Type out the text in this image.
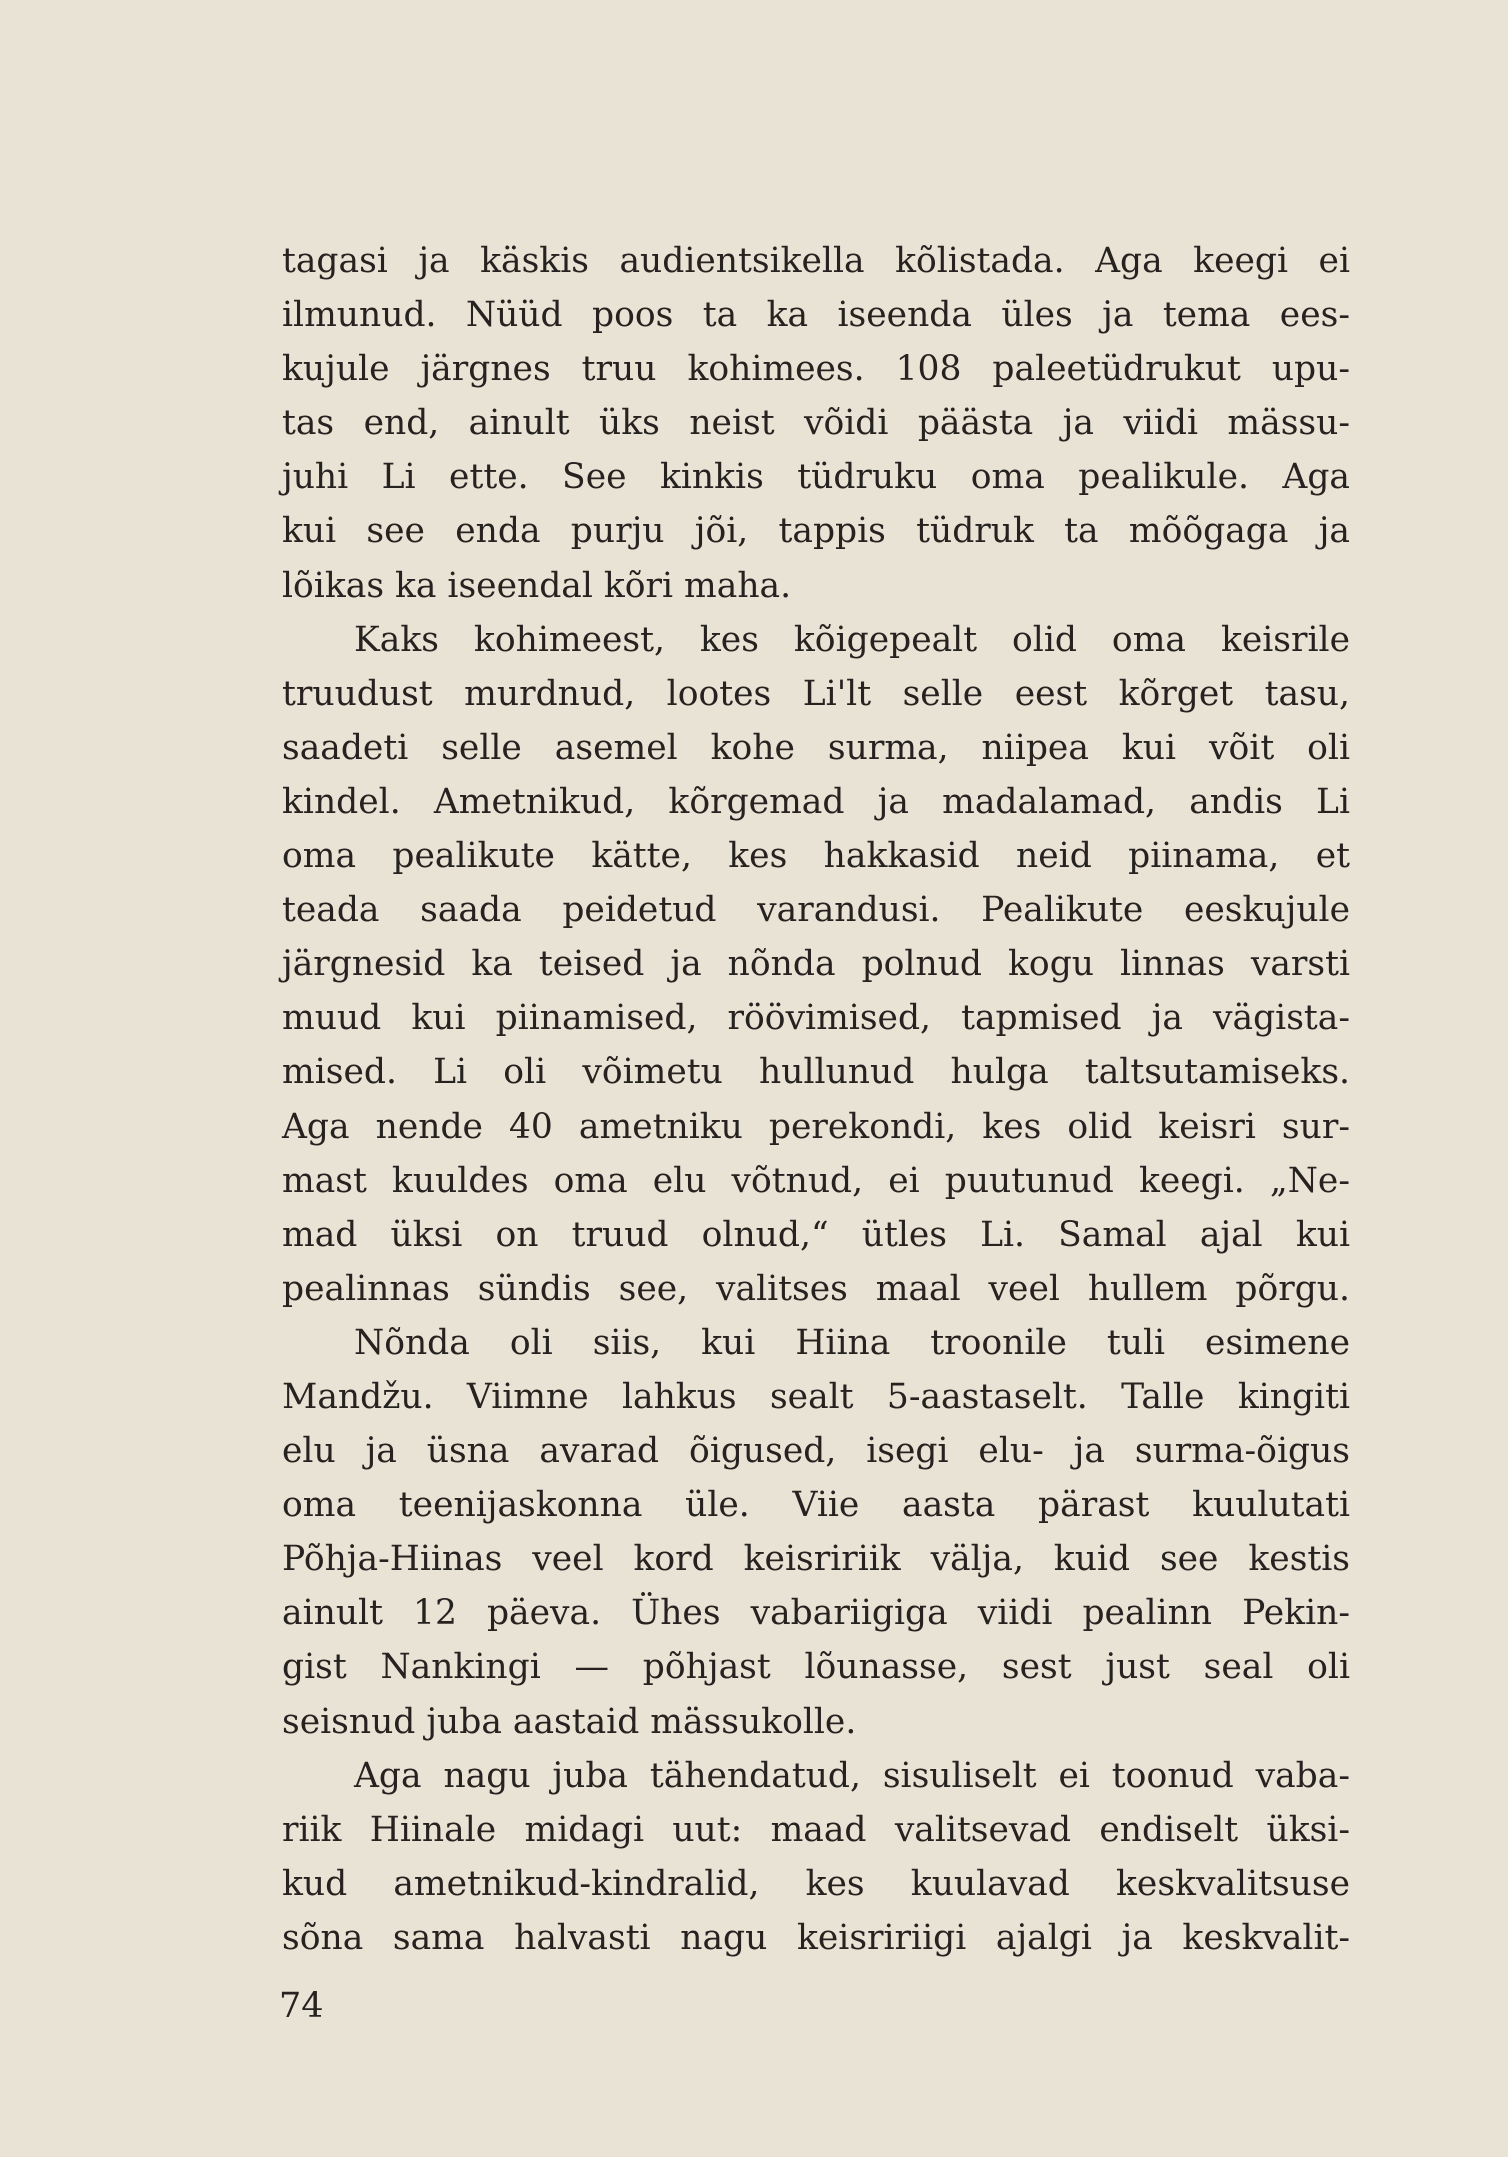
tagasi ja käskis audientsikella kõlistada. Aga keegi ei
ilmunud. Nüüd poos ta ka iseenda üles ja tema ees-
kujule järgnes truu kohimees. 108 paleetüdrukut upu-
tas end, ainult üks neist võidi päästa ja viidi mässu-
juhi Li ette. See kinkis tüdruku oma pealikule. Aga
kui see enda purju jõi, tappis tüdruk ta mõõgaga ja
lõikas ka iseendal kõri maha.
Kaks kohimeest, kes kõigepealt olid oma keisrile
truudust murdnud, lootes Li'lt selle eest kõrget tasu,
saadeti selle asemel kohe surma, niipea kui võit oli
kindel. Ametnikud, kõrgemad ja madalamad, andis Li
oma pealikute kätte, kes hakkasid neid piinama, et
teada saada peidetud varandusi. Pealikute eeskujule
järgnesid ka teised ja nõnda polnud kogu linnas varsti
muud kui piinamised, röövimised, tapmised ja vägista-
mised. Li oli võimetu hullunud hulga taltsutamiseks.
Aga nende 40 ametniku perekondi, kes olid keisri sur-
mast kuuldes oma elu võtnud, ei puutunud keegi. „Ne-
mad üksi on truud olnud,“ ütles Li. Samal ajal kui
pealinnas sündis see, valitses maal veel hullem põrgu.
Nõnda oli siis, kui Hiina troonile tuli esimene
Mandžu. Viimne lahkus sealt 5-aastaselt. Talle kingiti
elu ja üsna avarad õigused, isegi elu- ja surma-õigus
oma teenijaskonna üle. Viie aasta pärast kuulutati
Põhja-Hiinas veel kord keisririik välja, kuid see kestis
ainult 12 päeva. Ühes vabariigiga viidi pealinn Pekin-
gist Nankingi — põhjast lõunasse, sest just seal oli
seisnud juba aastaid mässukolle.
Aga nagu juba tähendatud, sisuliselt ei toonud vaba-
riik Hiinale midagi uut: maad valitsevad endiselt üksi-
kud ametnikud-kindralid, kes kuulavad keskvalitsuse
sõna sama halvasti nagu keisririigi ajalgi ja keskvalit-
74
